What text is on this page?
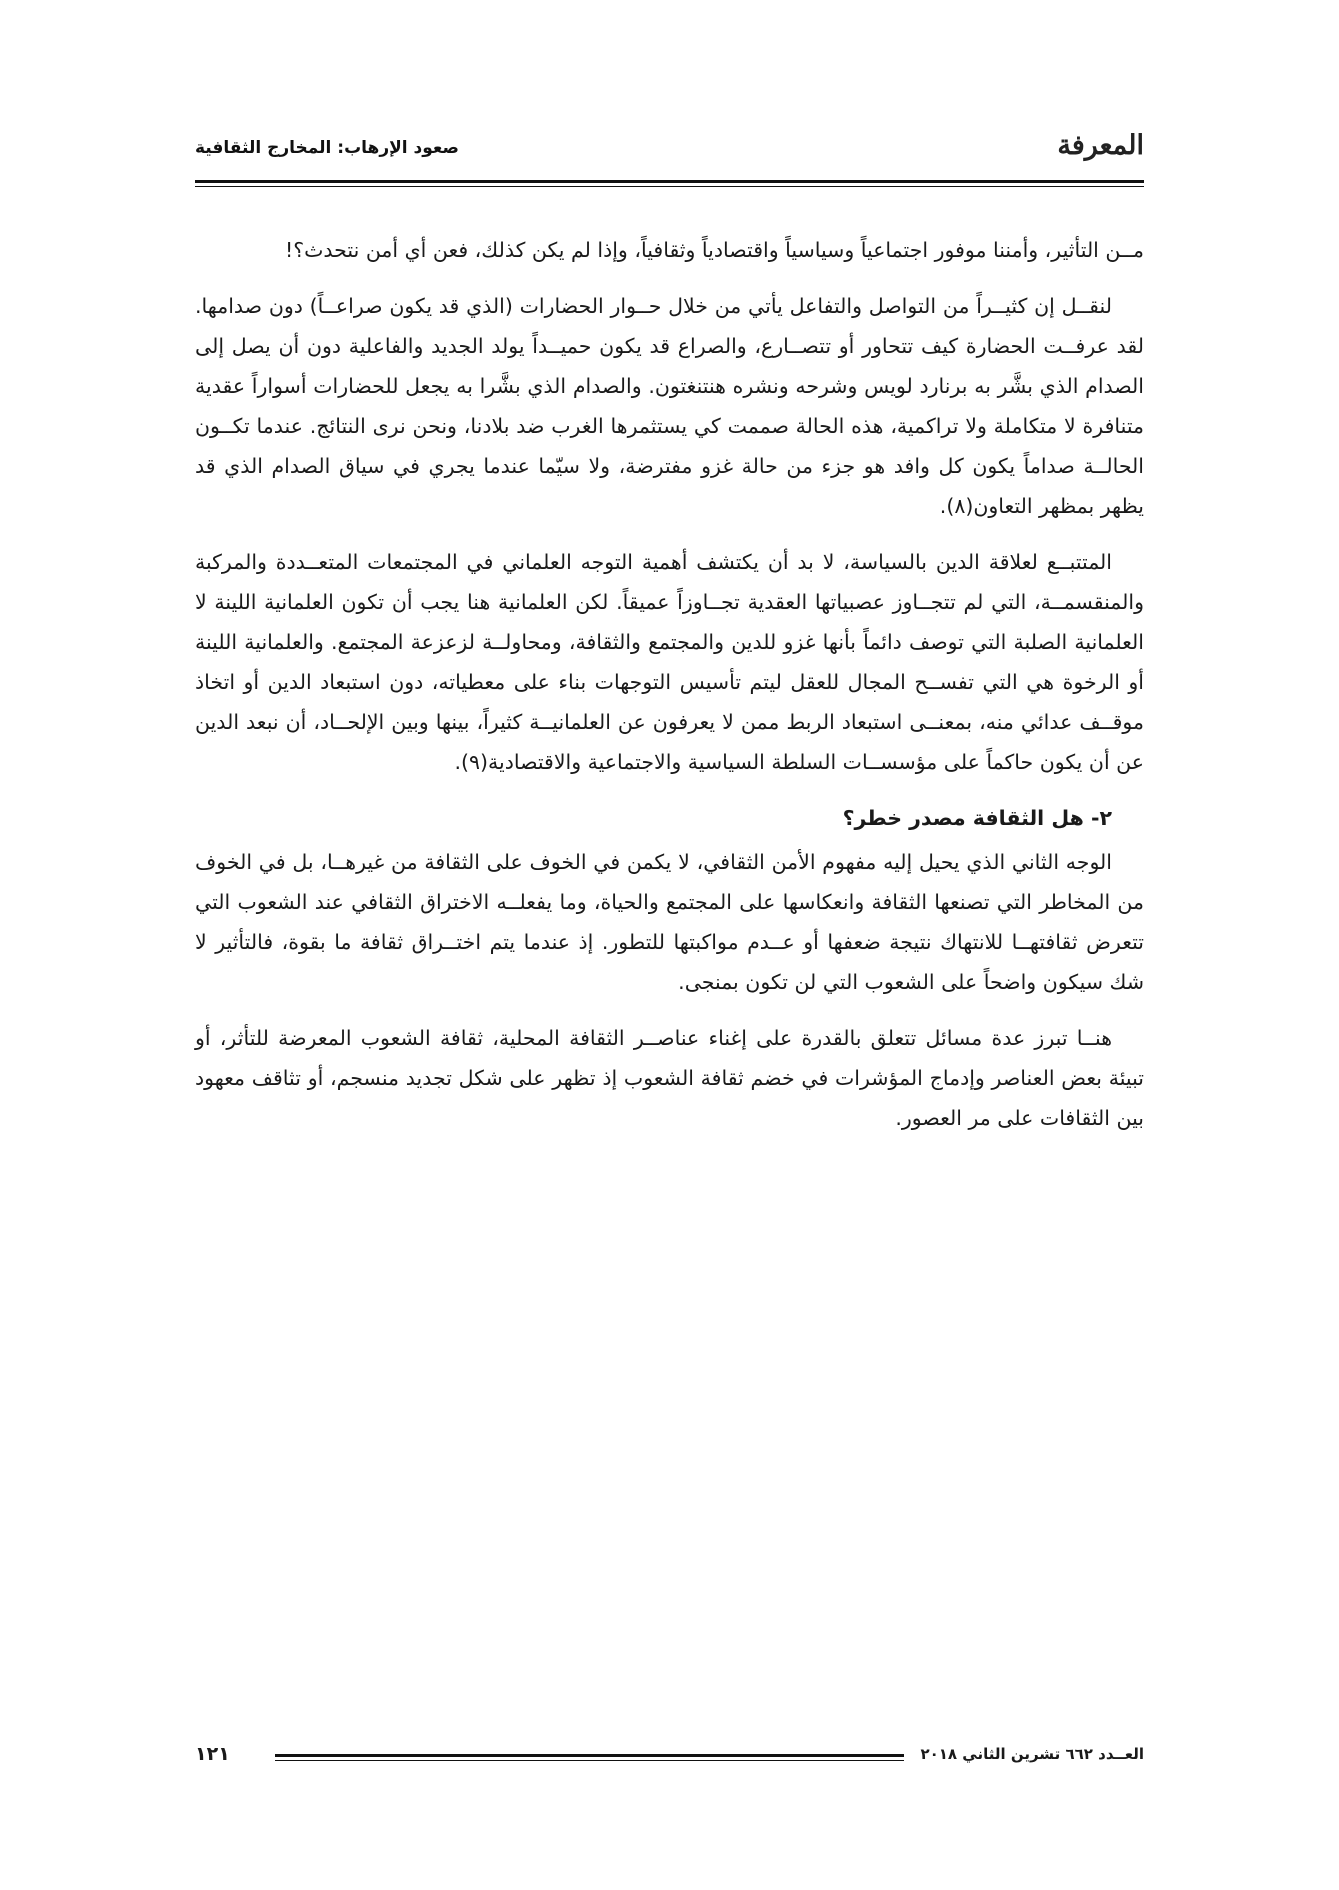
المعرفة
صعود الإرهاب: المخارج الثقافية

مــن التأثير، وأمننا موفور اجتماعياً وسياسياً واقتصادياً وثقافياً، وإذا لم يكن كذلك، فعن أي أمن نتحدث؟!

لنقــل إن كثيــراً من التواصل والتفاعل يأتي من خلال حــوار الحضارات (الذي قد يكون صراعــاً) دون صدامها. لقد عرفــت الحضارة كيف تتحاور أو تتصــارع، والصراع قد يكون حميــداً يولد الجديد والفاعلية دون أن يصل إلى الصدام الذي بشَّر به برنارد لويس وشرحه ونشره هنتنغتون. والصدام الذي بشَّرا به يجعل للحضارات أسواراً عقدية متنافرة لا متكاملة ولا تراكمية، هذه الحالة صممت كي يستثمرها الغرب ضد بلادنا، ونحن نرى النتائج. عندما تكــون الحالــة صداماً يكون كل وافد هو جزء من حالة غزو مفترضة، ولا سيّما عندما يجري في سياق الصدام الذي قد يظهر بمظهر التعاون(٨).

المتتبــع لعلاقة الدين بالسياسة، لا بد أن يكتشف أهمية التوجه العلماني في المجتمعات المتعــددة والمركبة والمنقسمــة، التي لم تتجــاوز عصبياتها العقدية تجــاوزاً عميقاً. لكن العلمانية هنا يجب أن تكون العلمانية اللينة لا العلمانية الصلبة التي توصف دائماً بأنها غزو للدين والمجتمع والثقافة، ومحاولــة لزعزعة المجتمع. والعلمانية اللينة أو الرخوة هي التي تفســح المجال للعقل ليتم تأسيس التوجهات بناء على معطياته، دون استبعاد الدين أو اتخاذ موقــف عدائي منه، بمعنــى استبعاد الربط ممن لا يعرفون عن العلمانيــة كثيراً، بينها وبين الإلحــاد، أن نبعد الدين عن أن يكون حاكماً على مؤسســات السلطة السياسية والاجتماعية والاقتصادية(٩).

٢- هل الثقافة مصدر خطر؟

الوجه الثاني الذي يحيل إليه مفهوم الأمن الثقافي، لا يكمن في الخوف على الثقافة من غيرهــا، بل في الخوف من المخاطر التي تصنعها الثقافة وانعكاسها على المجتمع والحياة، وما يفعلــه الاختراق الثقافي عند الشعوب التي تتعرض ثقافتهــا للانتهاك نتيجة ضعفها أو عــدم مواكبتها للتطور. إذ عندما يتم اختــراق ثقافة ما بقوة، فالتأثير لا شك سيكون واضحاً على الشعوب التي لن تكون بمنجى.

هنــا تبرز عدة مسائل تتعلق بالقدرة على إغناء عناصــر الثقافة المحلية، ثقافة الشعوب المعرضة للتأثر، أو تبيئة بعض العناصر وإدماج المؤشرات في خضم ثقافة الشعوب إذ تظهر على شكل تجديد منسجم، أو تثاقف معهود بين الثقافات على مر العصور.

العــدد ٦٦٢ تشرين الثاني ٢٠١٨
١٢١
